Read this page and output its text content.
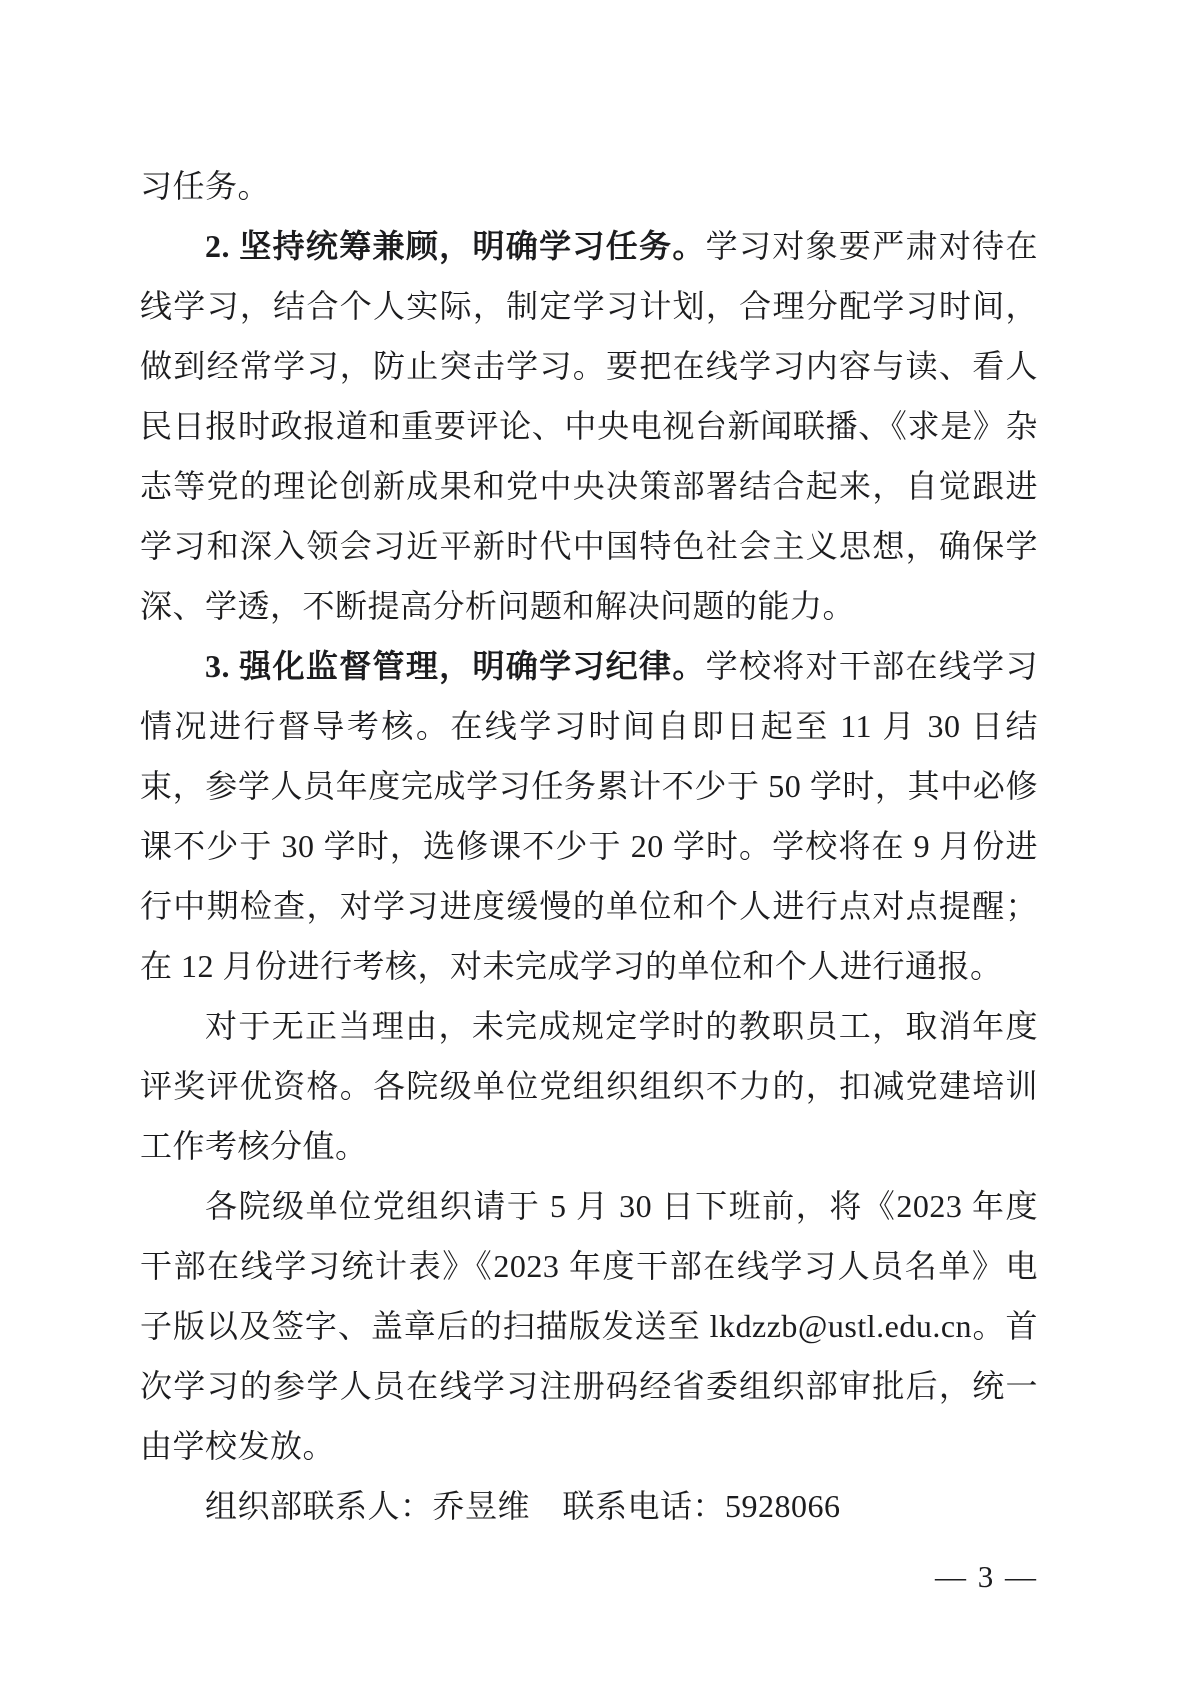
习任务。

2. 坚持统筹兼顾，明确学习任务。学习对象要严肃对待在线学习，结合个人实际，制定学习计划，合理分配学习时间，做到经常学习，防止突击学习。要把在线学习内容与读、看人民日报时政报道和重要评论、中央电视台新闻联播、《求是》杂志等党的理论创新成果和党中央决策部署结合起来，自觉跟进学习和深入领会习近平新时代中国特色社会主义思想，确保学深、学透，不断提高分析问题和解决问题的能力。

3. 强化监督管理，明确学习纪律。学校将对干部在线学习情况进行督导考核。在线学习时间自即日起至 11 月 30 日结束，参学人员年度完成学习任务累计不少于 50 学时，其中必修课不少于 30 学时，选修课不少于 20 学时。学校将在 9 月份进行中期检查，对学习进度缓慢的单位和个人进行点对点提醒；在 12 月份进行考核，对未完成学习的单位和个人进行通报。

对于无正当理由，未完成规定学时的教职员工，取消年度评奖评优资格。各院级单位党组织组织不力的，扣减党建培训工作考核分值。

各院级单位党组织请于 5 月 30 日下班前，将《2023 年度干部在线学习统计表》《2023 年度干部在线学习人员名单》电子版以及签字、盖章后的扫描版发送至 lkdzzb@ustl.edu.cn。首次学习的参学人员在线学习注册码经省委组织部审批后，统一由学校发放。

组织部联系人：乔昱维　联系电话：5928066

— 3 —
